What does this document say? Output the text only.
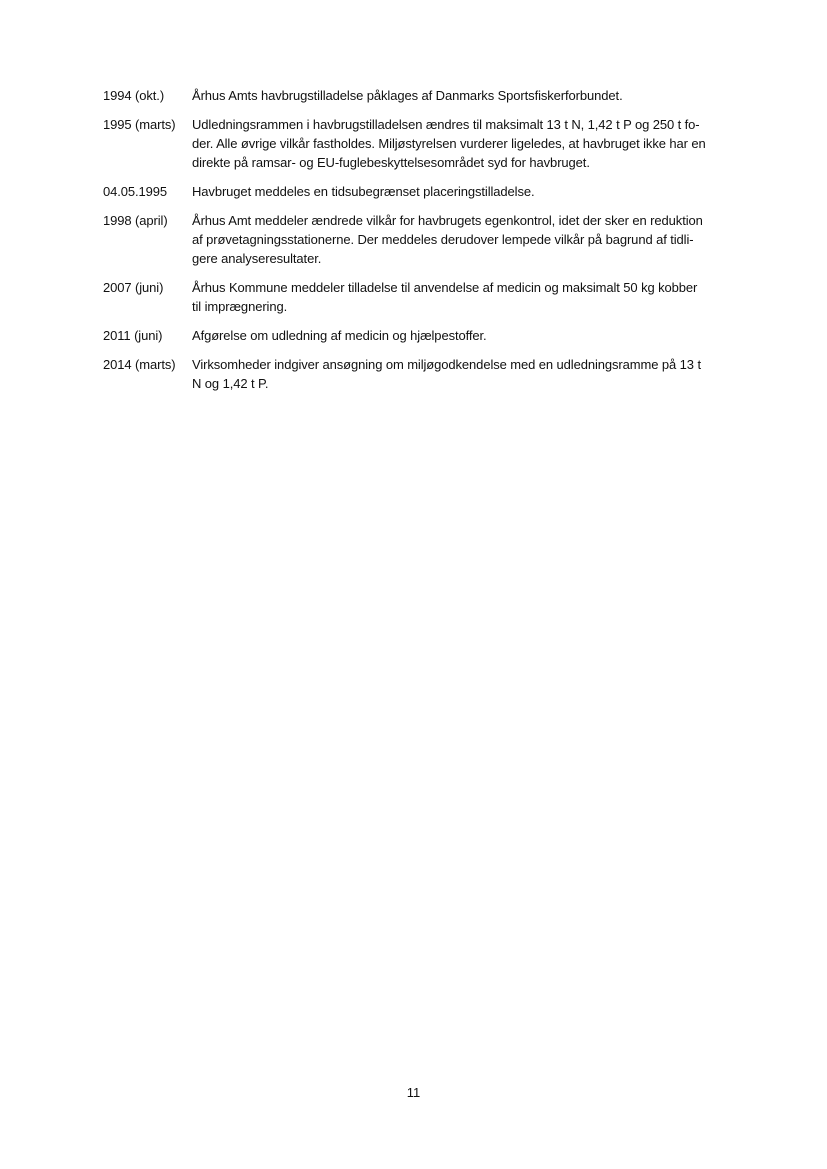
1994 (okt.)	Århus Amts havbrugstilladelse påklages af Danmarks Sportsfiskerforbundet.
1995 (marts)	Udledningsrammen i havbrugstilladelsen ændres til maksimalt 13 t N, 1,42 t P og 250 t fo-
der. Alle øvrige vilkår fastholdes. Miljøstyrelsen vurderer ligeledes, at havbruget ikke har en
direkte på ramsar- og EU-fuglebeskyttelsesområdet syd for havbruget.
04.05.1995	Havbruget meddeles en tidsubegrænset placeringstilladelse.
1998 (april)	Århus Amt meddeler ændrede vilkår for havbrugets egenkontrol, idet der sker en reduktion
af prøvetagningsstationerne. Der meddeles derudover lempede vilkår på bagrund af tidli-
gere analyseresultater.
2007 (juni)	Århus Kommune meddeler tilladelse til anvendelse af medicin og maksimalt 50 kg kobber
til imprægnering.
2011 (juni)	Afgørelse om udledning af medicin og hjælpestoffer.
2014 (marts)	Virksomheder indgiver ansøgning om miljøgodkendelse med en udledningsramme på 13 t
N og 1,42 t P.
11
